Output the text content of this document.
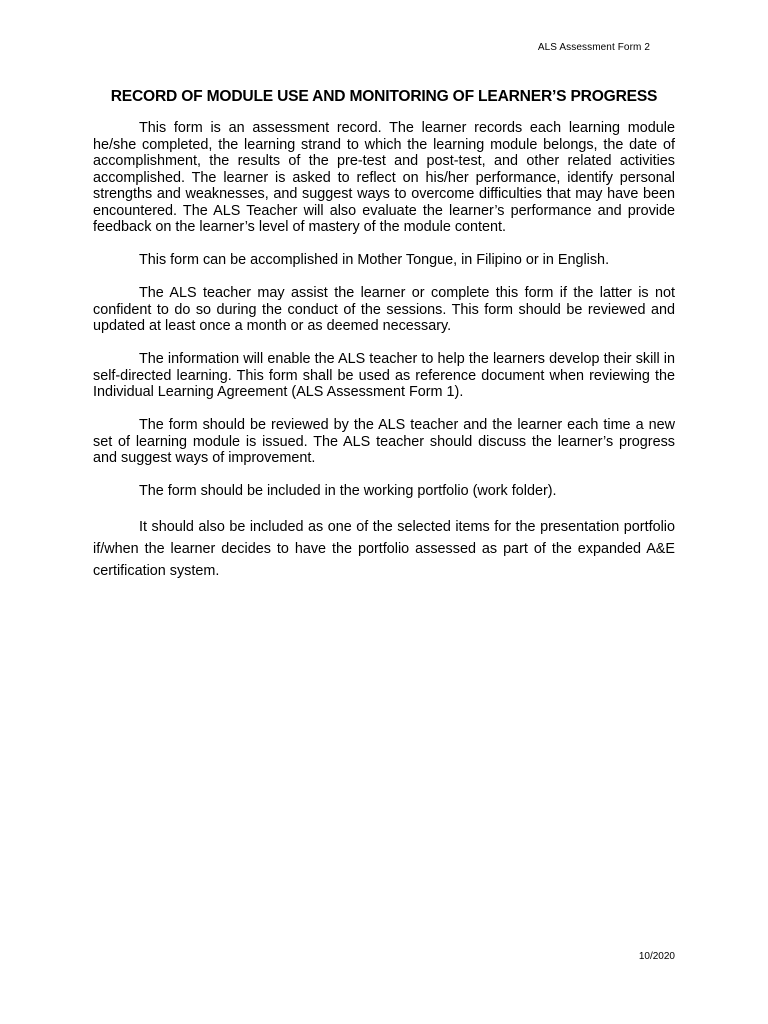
ALS Assessment Form 2
RECORD OF MODULE USE AND MONITORING OF LEARNER’S PROGRESS

This form is an assessment record. The learner records each learning module he/she completed, the learning strand to which the learning module belongs, the date of accomplishment, the results of the pre-test and post-test, and other related activities accomplished. The learner is asked to reflect on his/her performance, identify personal strengths and weaknesses, and suggest ways to overcome difficulties that may have been encountered. The ALS Teacher will also evaluate the learner’s performance and provide feedback on the learner’s level of mastery of the module content.

This form can be accomplished in Mother Tongue, in Filipino or in English.

The ALS teacher may assist the learner or complete this form if the latter is not confident to do so during the conduct of the sessions. This form should be reviewed and updated at least once a month or as deemed necessary.

The information will enable the ALS teacher to help the learners develop their skill in self-directed learning. This form shall be used as reference document when reviewing the Individual Learning Agreement (ALS Assessment Form 1).

The form should be reviewed by the ALS teacher and the learner each time a new set of learning module is issued. The ALS teacher should discuss the learner’s progress and suggest ways of improvement.

The form should be included in the working portfolio (work folder).

It should also be included as one of the selected items for the presentation portfolio if/when the learner decides to have the portfolio assessed as part of the expanded A&E certification system.

10/2020
